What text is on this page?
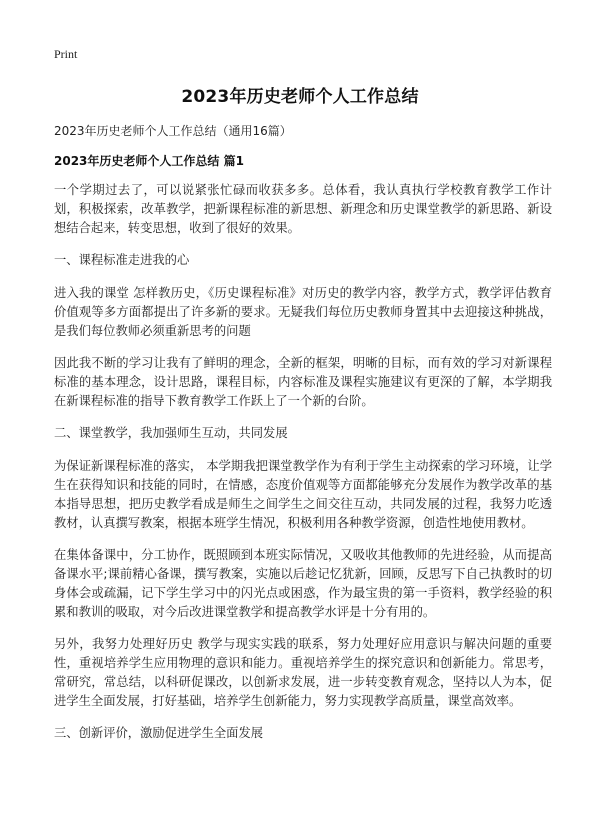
Print
2023年历史老师个人工作总结
2023年历史老师个人工作总结（通用16篇）
2023年历史老师个人工作总结 篇1

一个学期过去了，可以说紧张忙碌而收获多多。总体看，我认真执行学校教育教学工作计划，积极探索，改革教学，把新课程标准的新思想、新理念和历史课堂教学的新思路、新设想结合起来，转变思想，收到了很好的效果。

一、课程标准走进我的心

进入我的课堂 怎样教历史，《历史课程标准》对历史的教学内容，教学方式，教学评估教育价值观等多方面都提出了许多新的要求。无疑我们每位历史教师身置其中去迎接这种挑战，是我们每位教师必须重新思考的问题

因此我不断的学习让我有了鲜明的理念，全新的框架，明晰的目标，而有效的学习对新课程标准的基本理念，设计思路，课程目标，内容标准及课程实施建议有更深的了解，本学期我在新课程标准的指导下教育教学工作跃上了一个新的台阶。

二、课堂教学，我加强师生互动，共同发展

为保证新课程标准的落实， 本学期我把课堂教学作为有利于学生主动探索的学习环境，让学生在获得知识和技能的同时，在情感，态度价值观等方面都能够充分发展作为教学改革的基本指导思想，把历史教学看成是师生之间学生之间交往互动，共同发展的过程，我努力吃透教材，认真撰写教案，根据本班学生情况，积极利用各种教学资源，创造性地使用教材。

在集体备课中，分工协作，既照顾到本班实际情况，又吸收其他教师的先进经验，从而提高备课水平;课前精心备课，撰写教案，实施以后趁记忆犹新，回顾，反思写下自己执教时的切身体会或疏漏，记下学生学习中的闪光点或困惑，作为最宝贵的第一手资料，教学经验的积累和教训的吸取，对今后改进课堂教学和提高教学水评是十分有用的。

另外，我努力处理好历史 教学与现实实践的联系，努力处理好应用意识与解决问题的重要性，重视培养学生应用物理的意识和能力。重视培养学生的探究意识和创新能力。常思考，常研究，常总结，以科研促课改，以创新求发展，进一步转变教育观念，坚持以人为本，促进学生全面发展，打好基础，培养学生创新能力，努力实现教学高质量，课堂高效率。

三、创新评价，激励促进学生全面发展
